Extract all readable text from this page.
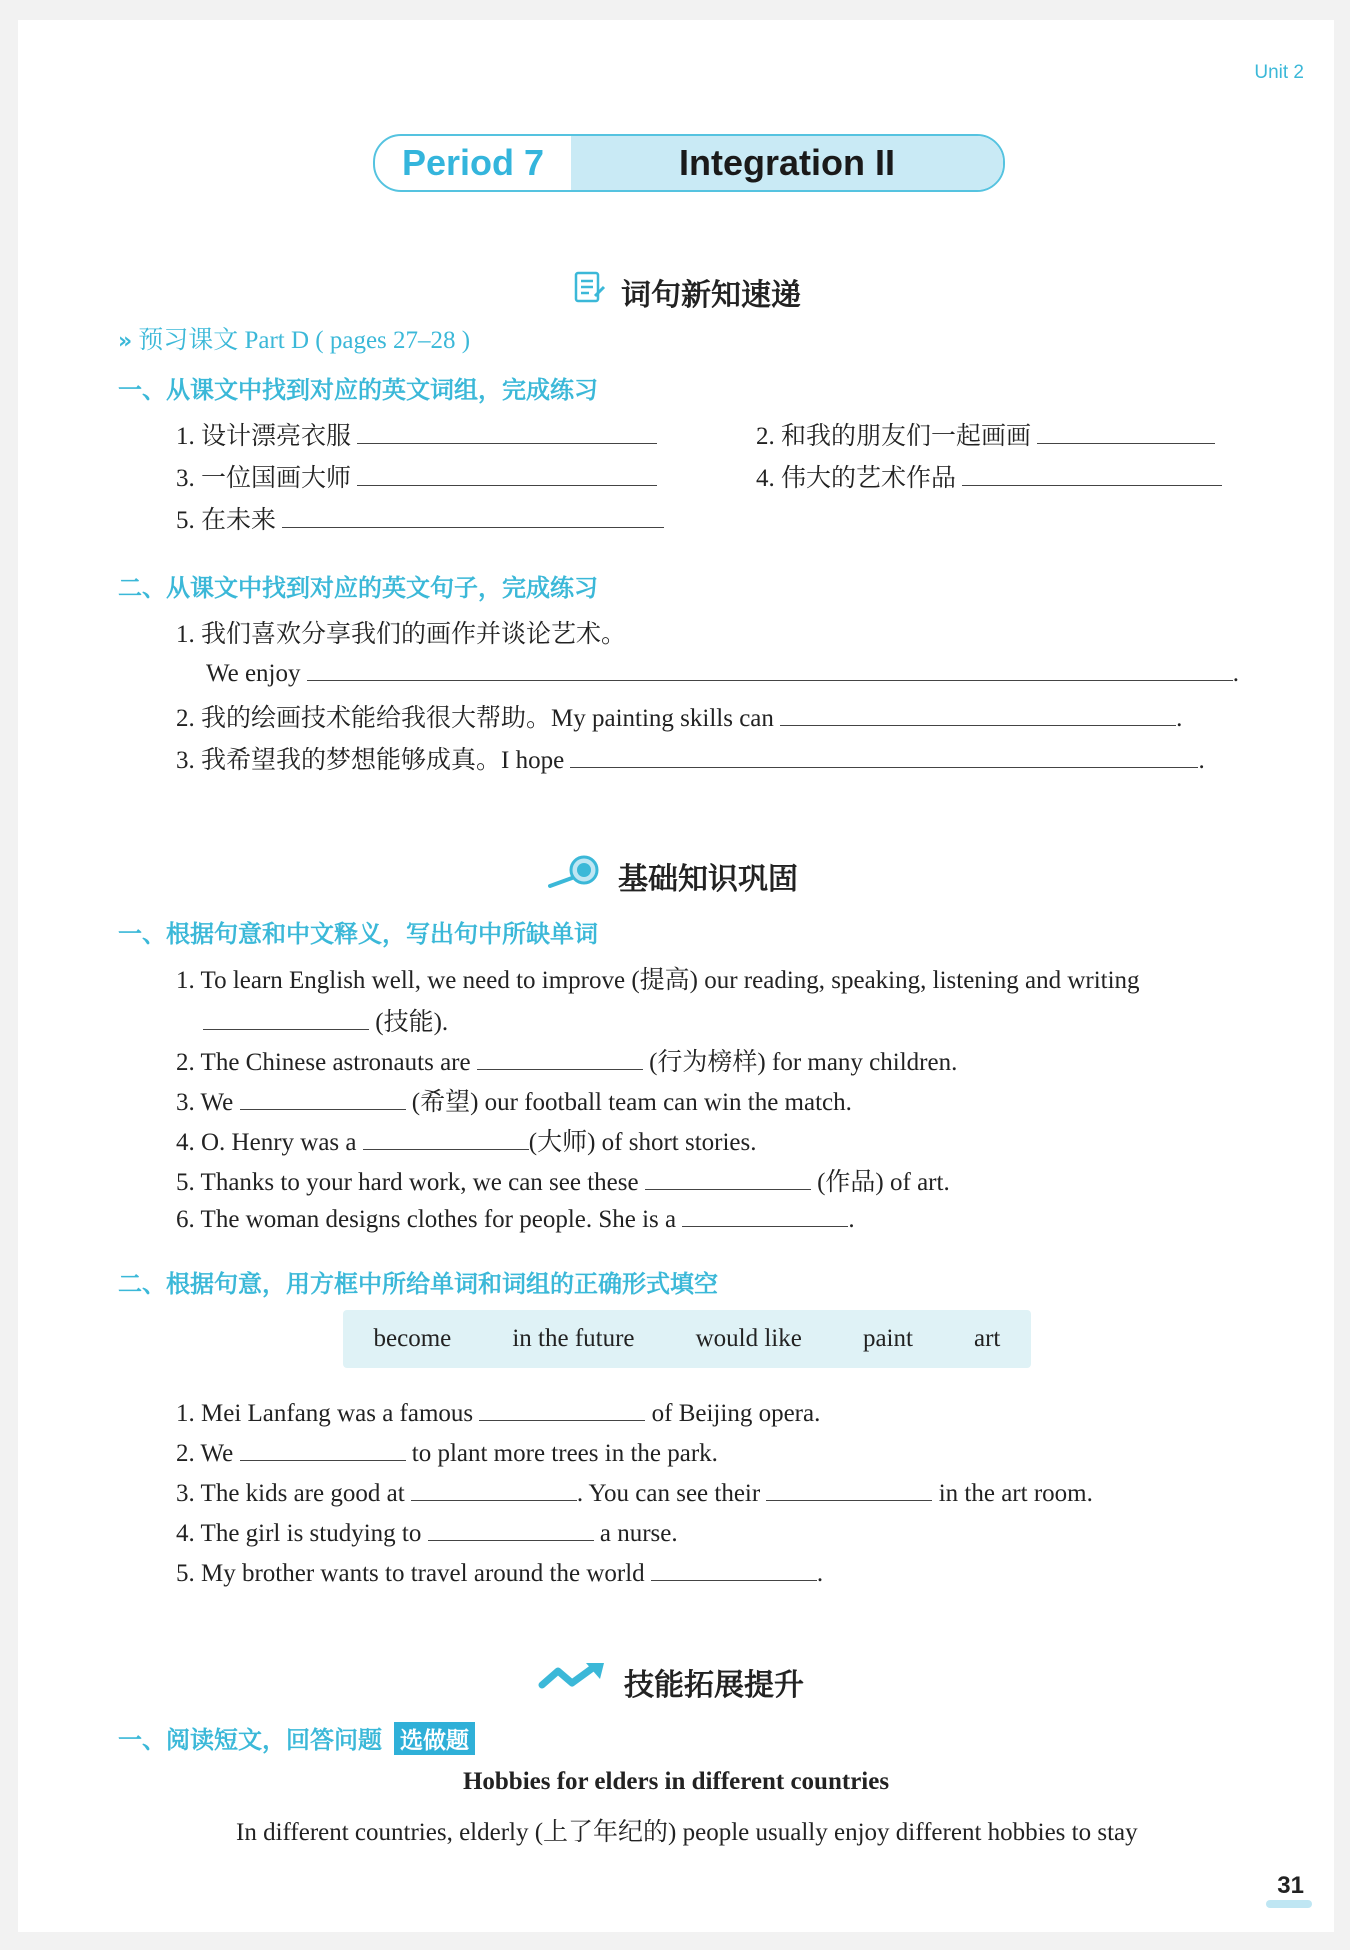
Unit 2
Period 7	Integration II
词句新知速递
» 预习课文 Part D ( pages 27–28 )
一、从课文中找到对应的英文词组，完成练习
1. 设计漂亮衣服	2. 和我的朋友们一起画画
3. 一位国画大师	4. 伟大的艺术作品
5. 在未来
二、从课文中找到对应的英文句子，完成练习
1. 我们喜欢分享我们的画作并谈论艺术。
We enjoy	.
2. 我的绘画技术能给我很大帮助。My painting skills can	.
3. 我希望我的梦想能够成真。I hope	.
基础知识巩固
一、根据句意和中文释义，写出句中所缺单词
1. To learn English well, we need to improve (提高) our reading, speaking, listening and writing
(技能).
2. The Chinese astronauts are	(行为榜样) for many children.
3. We	(希望) our football team can win the match.
4. O. Henry was a	(大师) of short stories.
5. Thanks to your hard work, we can see these	(作品) of art.
6. The woman designs clothes for people. She is a	.
二、根据句意，用方框中所给单词和词组的正确形式填空
become in the future would like paint art
1. Mei Lanfang was a famous	of Beijing opera.
2. We	to plant more trees in the park.
3. The kids are good at	. You can see their	in the art room.
4. The girl is studying to	a nurse.
5. My brother wants to travel around the world	.
技能拓展提升
一、阅读短文，回答问题 选做题
Hobbies for elders in different countries
In different countries, elderly (上了年纪的) people usually enjoy different hobbies to stay
31
